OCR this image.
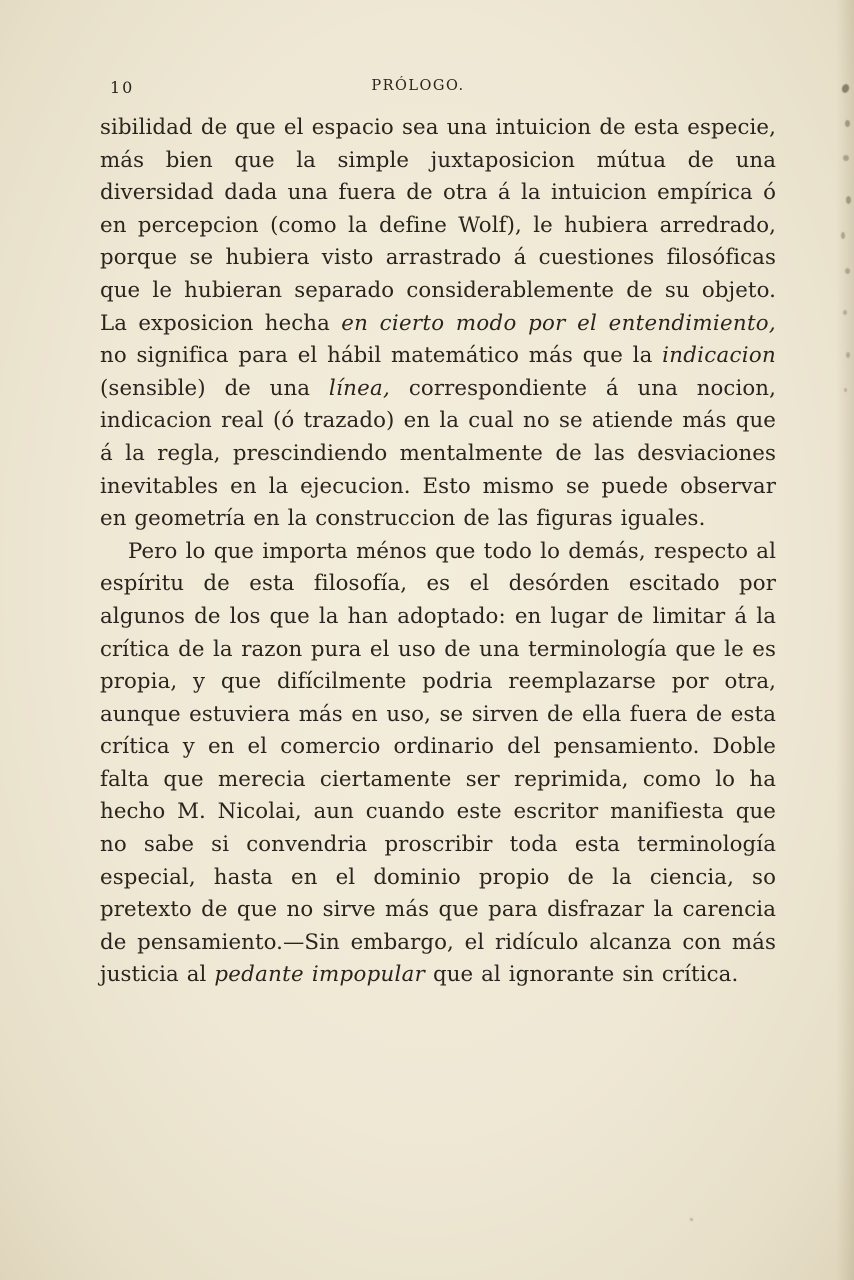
10	PRÓLOGO.

sibilidad de que el espacio sea una intuicion de esta especie, más bien que la simple juxtaposicion mútua de una diversidad dada una fuera de otra á la intuicion empírica ó en percepcion (como la define Wolf), le hubiera arredrado, porque se hubiera visto arrastrado á cuestiones filosóficas que le hubieran separado considerablemente de su objeto. La exposicion hecha en cierto modo por el entendimiento, no significa para el hábil matemático más que la indicacion (sensible) de una línea, correspondiente á una nocion, indicacion real (ó trazado) en la cual no se atiende más que á la regla, prescindiendo mentalmente de las desviaciones inevitables en la ejecucion. Esto mismo se puede observar en geometría en la construccion de las figuras iguales.

Pero lo que importa ménos que todo lo demás, respecto al espíritu de esta filosofía, es el desórden escitado por algunos de los que la han adoptado: en lugar de limitar á la crítica de la razon pura el uso de una terminología que le es propia, y que difícilmente podria reemplazarse por otra, aunque estuviera más en uso, se sirven de ella fuera de esta crítica y en el comercio ordinario del pensamiento. Doble falta que merecia ciertamente ser reprimida, como lo ha hecho M. Nicolai, aun cuando este escritor manifiesta que no sabe si convendria proscribir toda esta terminología especial, hasta en el dominio propio de la ciencia, so pretexto de que no sirve más que para disfrazar la carencia de pensamiento.—Sin embargo, el ridículo alcanza con más justicia al pedante impopular que al ignorante sin crítica.
